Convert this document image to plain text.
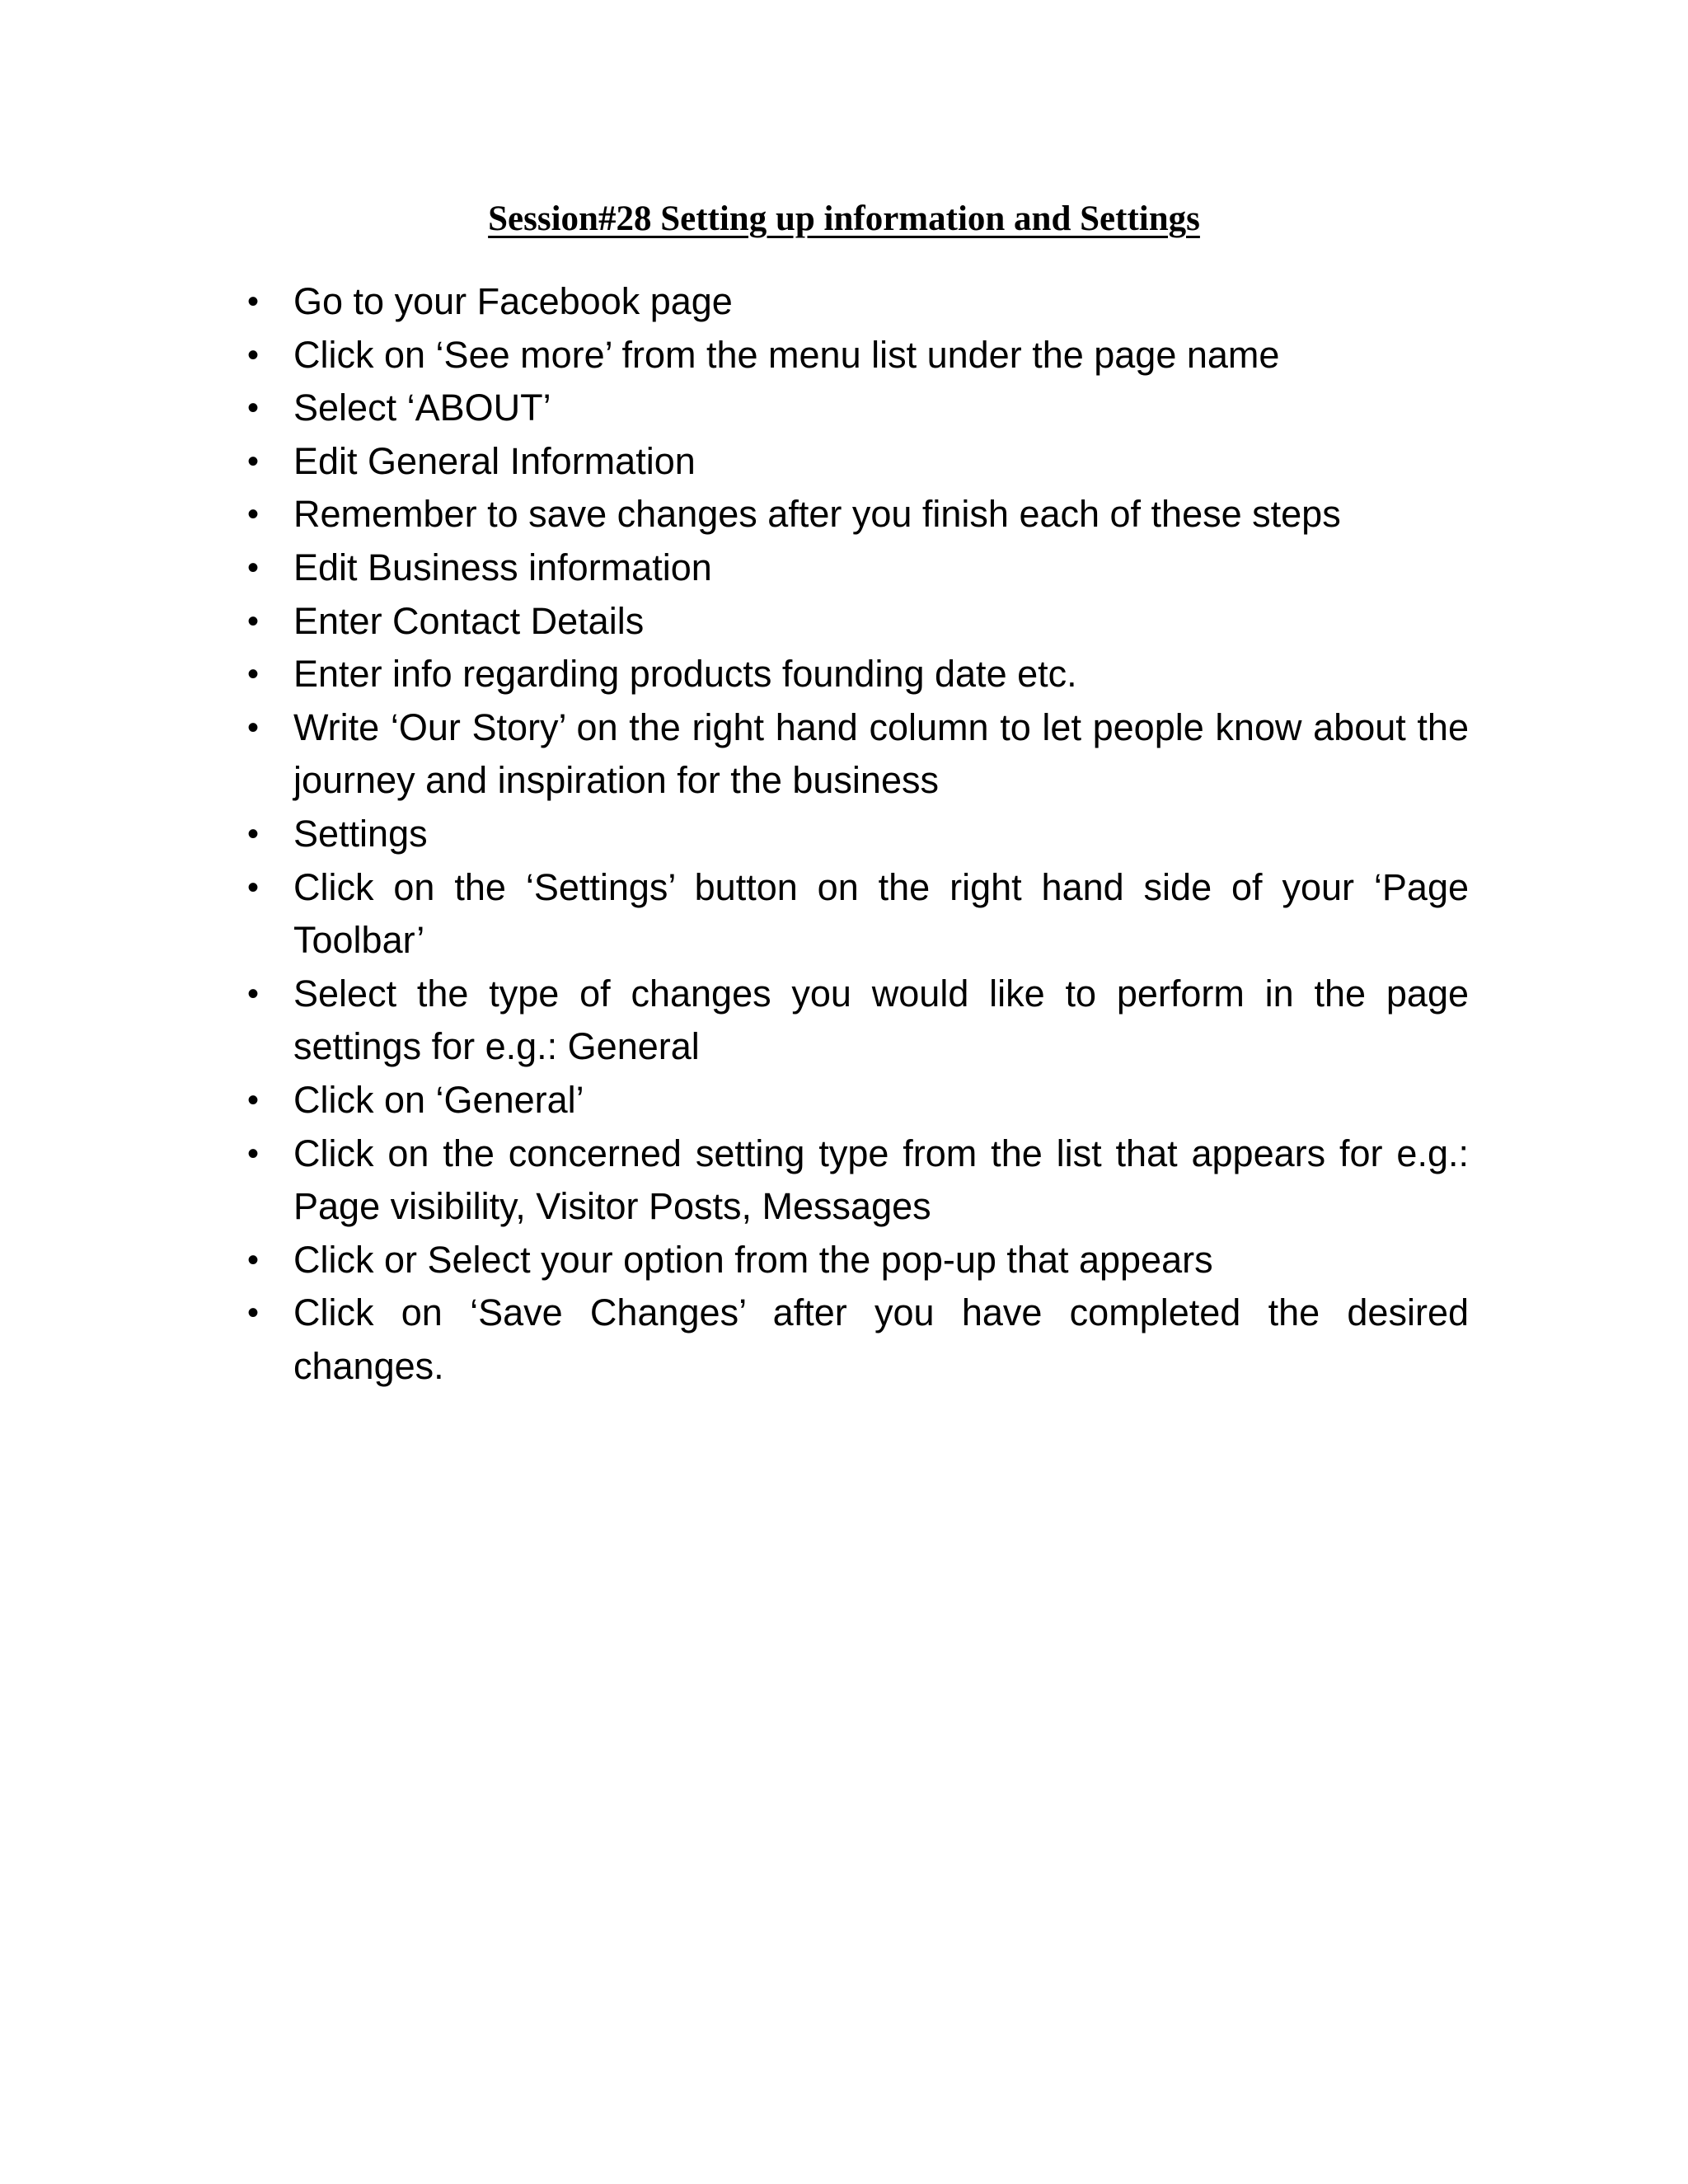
Session#28 Setting up information and Settings
• Go to your Facebook page
• Click on ‘See more’ from the menu list under the page name
• Select ‘ABOUT’
• Edit General Information
• Remember to save changes after you finish each of these steps
• Edit Business information
• Enter Contact Details
• Enter info regarding products founding date etc.
• Write ‘Our Story’ on the right hand column to let people know about the journey and inspiration for the business
• Settings
• Click on the ‘Settings’ button on the right hand side of your ‘Page Toolbar’
• Select the type of changes you would like to perform in the page settings for e.g.: General
• Click on ‘General’
• Click on the concerned setting type from the list that appears for e.g.: Page visibility, Visitor Posts, Messages
• Click or Select your option from the pop-up that appears
• Click on ‘Save Changes’ after you have completed the desired changes.
